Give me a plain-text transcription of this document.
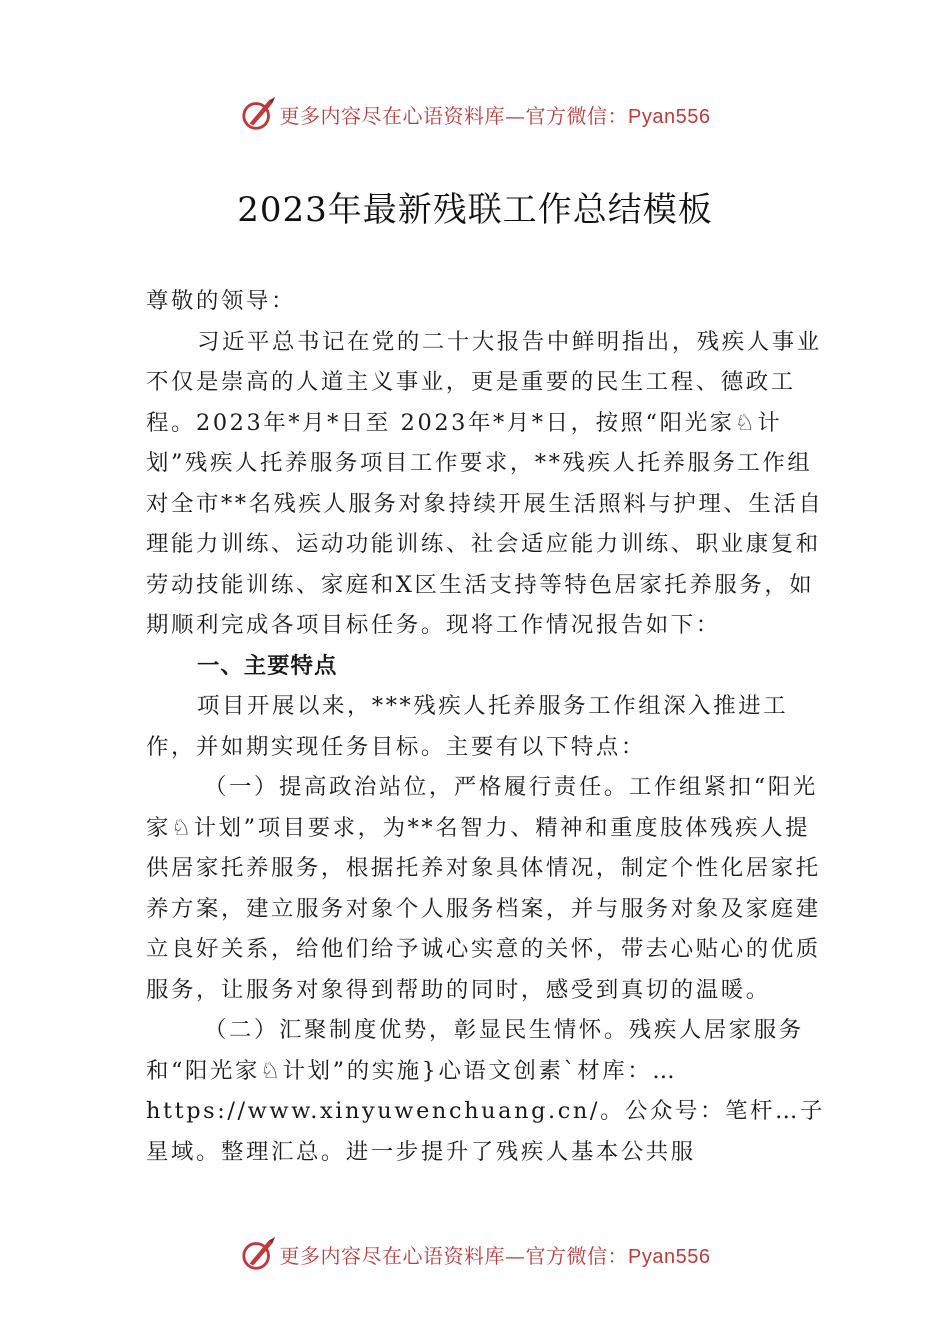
更多内容尽在心语资料库—官方微信：Pyan556
2023年最新残联工作总结模板

尊敬的领导：

习近平总书记在党的二十大报告中鲜明指出，残疾人事业不仅是崇高的人道主义事业，更是重要的民生工程、德政工程。2023年*月*日至 2023年*月*日，按照“阳光家♘计划”残疾人托养服务项目工作要求，**残疾人托养服务工作组对全市**名残疾人服务对象持续开展生活照料与护理、生活自理能力训练、运动功能训练、社会适应能力训练、职业康复和劳动技能训练、家庭和X区生活支持等特色居家托养服务，如期顺利完成各项目标任务。现将工作情况报告如下：

一、主要特点

项目开展以来，***残疾人托养服务工作组深入推进工作，并如期实现任务目标。主要有以下特点：

（一）提高政治站位，严格履行责任。工作组紧扣“阳光家♘计划”项目要求，为**名智力、精神和重度肢体残疾人提供居家托养服务，根据托养对象具体情况，制定个性化居家托养方案，建立服务对象个人服务档案，并与服务对象及家庭建立良好关系，给他们给予诚心实意的关怀，带去心贴心的优质服务，让服务对象得到帮助的同时，感受到真切的温暖。

（二）汇聚制度优势，彰显民生情怀。残疾人居家服务和“阳光家♘计划”的实施}心语文创素`材库：…https://www.xinyuwenchuang.cn/。公众号：笔杆…子星域。整理汇总。进一步提升了残疾人基本公共服

更多内容尽在心语资料库—官方微信：Pyan556
